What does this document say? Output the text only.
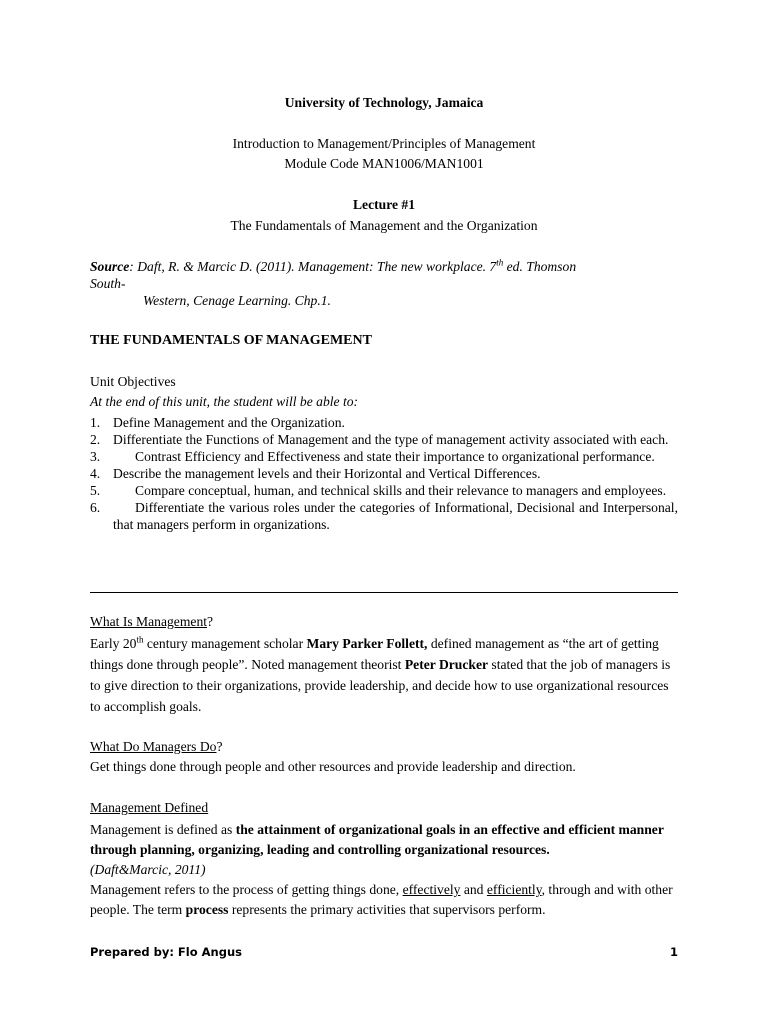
University of Technology, Jamaica
Introduction to Management/Principles of Management
Module Code MAN1006/MAN1001
Lecture #1
The Fundamentals of Management and the Organization
Source: Daft, R. & Marcic D. (2011). Management: The new workplace. 7th ed. Thomson
South-
Western, Cenage Learning. Chp.1.
THE FUNDAMENTALS OF MANAGEMENT
Unit Objectives
At the end of this unit, the student will be able to:
1. Define Management and the Organization.
2. Differentiate the Functions of Management and the type of management activity associated with each.
3.	Contrast Efficiency and Effectiveness and state their importance to organizational performance.
4. Describe the management levels and their Horizontal and Vertical Differences.
5.	Compare conceptual, human, and technical skills and their relevance to managers and employees.
6.	Differentiate the various roles under the categories of Informational, Decisional and Interpersonal, that managers perform in organizations.
What Is Management?
Early 20th century management scholar Mary Parker Follett, defined management as “the art of getting things done through people”. Noted management theorist Peter Drucker stated that the job of managers is to give direction to their organizations, provide leadership, and decide how to use organizational resources to accomplish goals.
What Do Managers Do?
Get things done through people and other resources and provide leadership and direction.
Management Defined
Management is defined as the attainment of organizational goals in an effective and efficient manner through planning, organizing, leading and controlling organizational resources.
(Daft&Marcic, 2011)
Management refers to the process of getting things done, effectively and efficiently, through and with other people. The term process represents the primary activities that supervisors perform.
Prepared by: Flo Angus	1
